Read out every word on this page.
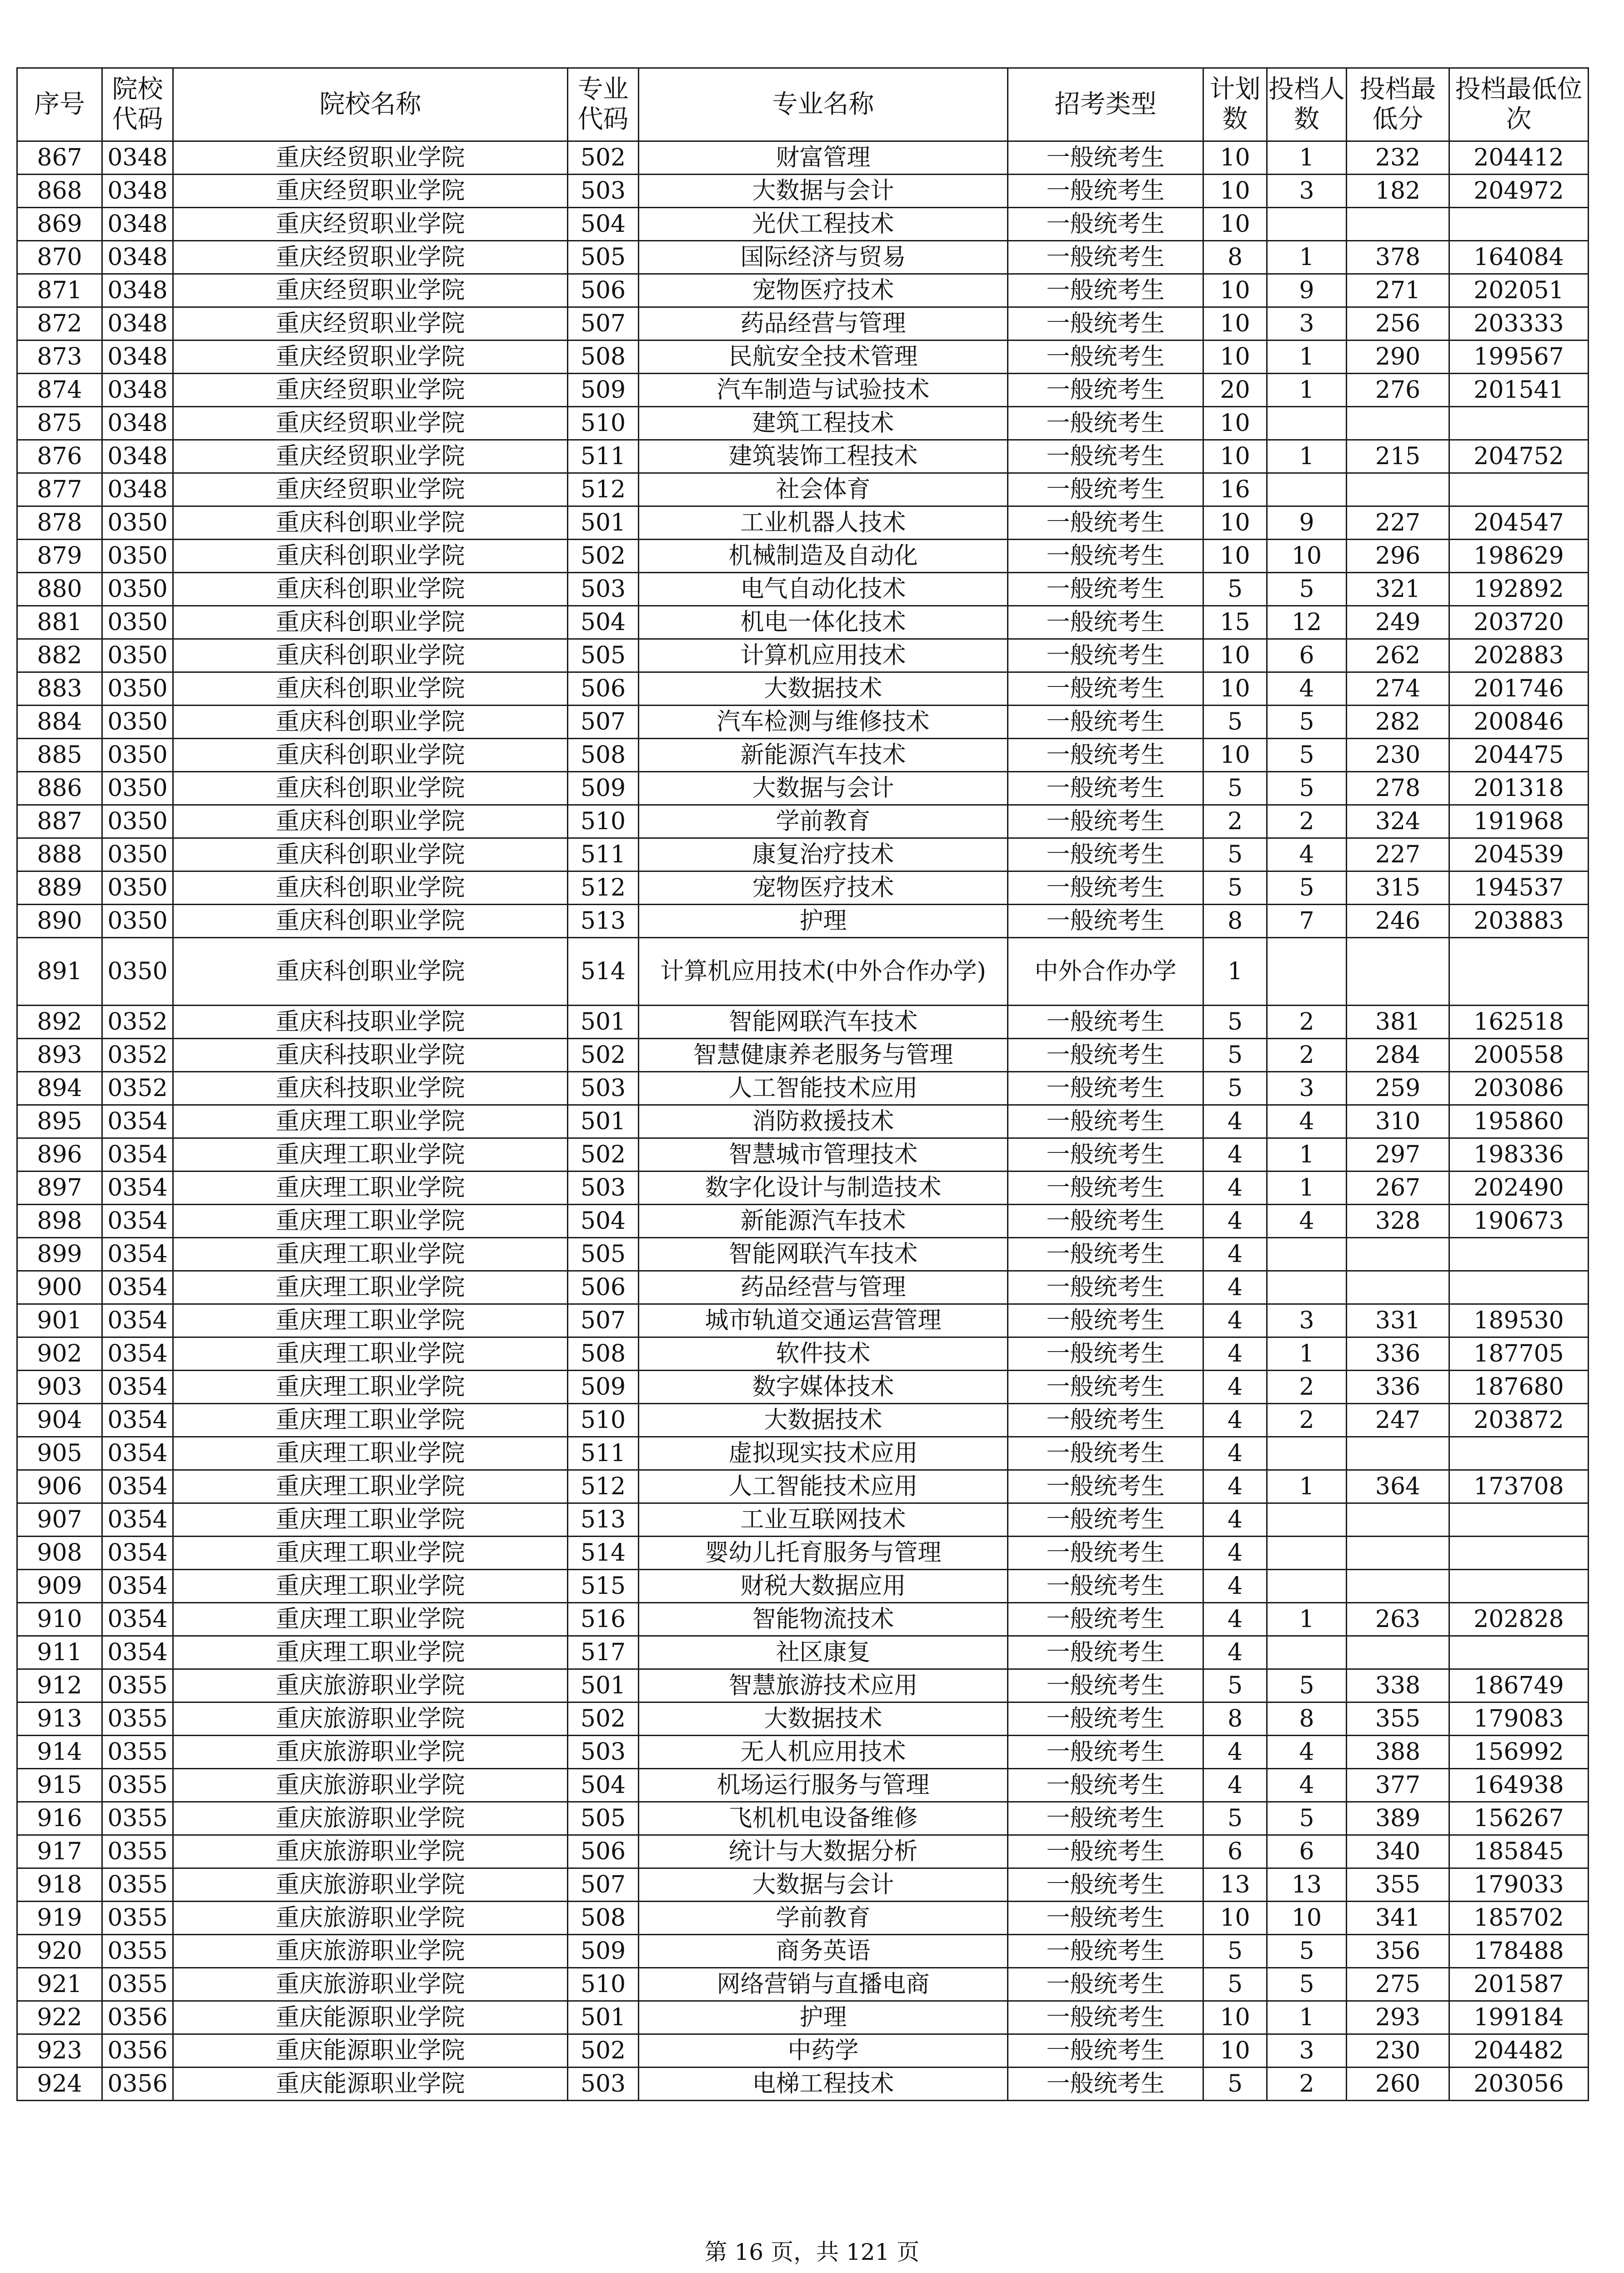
序号	院校代码	院校名称	专业代码	专业名称	招考类型	计划数	投档人数	投档最低分	投档最低位次
867	0348	重庆经贸职业学院	502	财富管理	一般统考生	10	1	232	204412
868	0348	重庆经贸职业学院	503	大数据与会计	一般统考生	10	3	182	204972
869	0348	重庆经贸职业学院	504	光伏工程技术	一般统考生	10			
870	0348	重庆经贸职业学院	505	国际经济与贸易	一般统考生	8	1	378	164084
871	0348	重庆经贸职业学院	506	宠物医疗技术	一般统考生	10	9	271	202051
872	0348	重庆经贸职业学院	507	药品经营与管理	一般统考生	10	3	256	203333
873	0348	重庆经贸职业学院	508	民航安全技术管理	一般统考生	10	1	290	199567
874	0348	重庆经贸职业学院	509	汽车制造与试验技术	一般统考生	20	1	276	201541
875	0348	重庆经贸职业学院	510	建筑工程技术	一般统考生	10			
876	0348	重庆经贸职业学院	511	建筑装饰工程技术	一般统考生	10	1	215	204752
877	0348	重庆经贸职业学院	512	社会体育	一般统考生	16			
878	0350	重庆科创职业学院	501	工业机器人技术	一般统考生	10	9	227	204547
879	0350	重庆科创职业学院	502	机械制造及自动化	一般统考生	10	10	296	198629
880	0350	重庆科创职业学院	503	电气自动化技术	一般统考生	5	5	321	192892
881	0350	重庆科创职业学院	504	机电一体化技术	一般统考生	15	12	249	203720
882	0350	重庆科创职业学院	505	计算机应用技术	一般统考生	10	6	262	202883
883	0350	重庆科创职业学院	506	大数据技术	一般统考生	10	4	274	201746
884	0350	重庆科创职业学院	507	汽车检测与维修技术	一般统考生	5	5	282	200846
885	0350	重庆科创职业学院	508	新能源汽车技术	一般统考生	10	5	230	204475
886	0350	重庆科创职业学院	509	大数据与会计	一般统考生	5	5	278	201318
887	0350	重庆科创职业学院	510	学前教育	一般统考生	2	2	324	191968
888	0350	重庆科创职业学院	511	康复治疗技术	一般统考生	5	4	227	204539
889	0350	重庆科创职业学院	512	宠物医疗技术	一般统考生	5	5	315	194537
890	0350	重庆科创职业学院	513	护理	一般统考生	8	7	246	203883
891	0350	重庆科创职业学院	514	计算机应用技术(中外合作办学)	中外合作办学	1			
892	0352	重庆科技职业学院	501	智能网联汽车技术	一般统考生	5	2	381	162518
893	0352	重庆科技职业学院	502	智慧健康养老服务与管理	一般统考生	5	2	284	200558
894	0352	重庆科技职业学院	503	人工智能技术应用	一般统考生	5	3	259	203086
895	0354	重庆理工职业学院	501	消防救援技术	一般统考生	4	4	310	195860
896	0354	重庆理工职业学院	502	智慧城市管理技术	一般统考生	4	1	297	198336
897	0354	重庆理工职业学院	503	数字化设计与制造技术	一般统考生	4	1	267	202490
898	0354	重庆理工职业学院	504	新能源汽车技术	一般统考生	4	4	328	190673
899	0354	重庆理工职业学院	505	智能网联汽车技术	一般统考生	4			
900	0354	重庆理工职业学院	506	药品经营与管理	一般统考生	4			
901	0354	重庆理工职业学院	507	城市轨道交通运营管理	一般统考生	4	3	331	189530
902	0354	重庆理工职业学院	508	软件技术	一般统考生	4	1	336	187705
903	0354	重庆理工职业学院	509	数字媒体技术	一般统考生	4	2	336	187680
904	0354	重庆理工职业学院	510	大数据技术	一般统考生	4	2	247	203872
905	0354	重庆理工职业学院	511	虚拟现实技术应用	一般统考生	4			
906	0354	重庆理工职业学院	512	人工智能技术应用	一般统考生	4	1	364	173708
907	0354	重庆理工职业学院	513	工业互联网技术	一般统考生	4			
908	0354	重庆理工职业学院	514	婴幼儿托育服务与管理	一般统考生	4			
909	0354	重庆理工职业学院	515	财税大数据应用	一般统考生	4			
910	0354	重庆理工职业学院	516	智能物流技术	一般统考生	4	1	263	202828
911	0354	重庆理工职业学院	517	社区康复	一般统考生	4			
912	0355	重庆旅游职业学院	501	智慧旅游技术应用	一般统考生	5	5	338	186749
913	0355	重庆旅游职业学院	502	大数据技术	一般统考生	8	8	355	179083
914	0355	重庆旅游职业学院	503	无人机应用技术	一般统考生	4	4	388	156992
915	0355	重庆旅游职业学院	504	机场运行服务与管理	一般统考生	4	4	377	164938
916	0355	重庆旅游职业学院	505	飞机机电设备维修	一般统考生	5	5	389	156267
917	0355	重庆旅游职业学院	506	统计与大数据分析	一般统考生	6	6	340	185845
918	0355	重庆旅游职业学院	507	大数据与会计	一般统考生	13	13	355	179033
919	0355	重庆旅游职业学院	508	学前教育	一般统考生	10	10	341	185702
920	0355	重庆旅游职业学院	509	商务英语	一般统考生	5	5	356	178488
921	0355	重庆旅游职业学院	510	网络营销与直播电商	一般统考生	5	5	275	201587
922	0356	重庆能源职业学院	501	护理	一般统考生	10	1	293	199184
923	0356	重庆能源职业学院	502	中药学	一般统考生	10	3	230	204482
924	0356	重庆能源职业学院	503	电梯工程技术	一般统考生	5	2	260	203056
第 16 页，共 121 页
